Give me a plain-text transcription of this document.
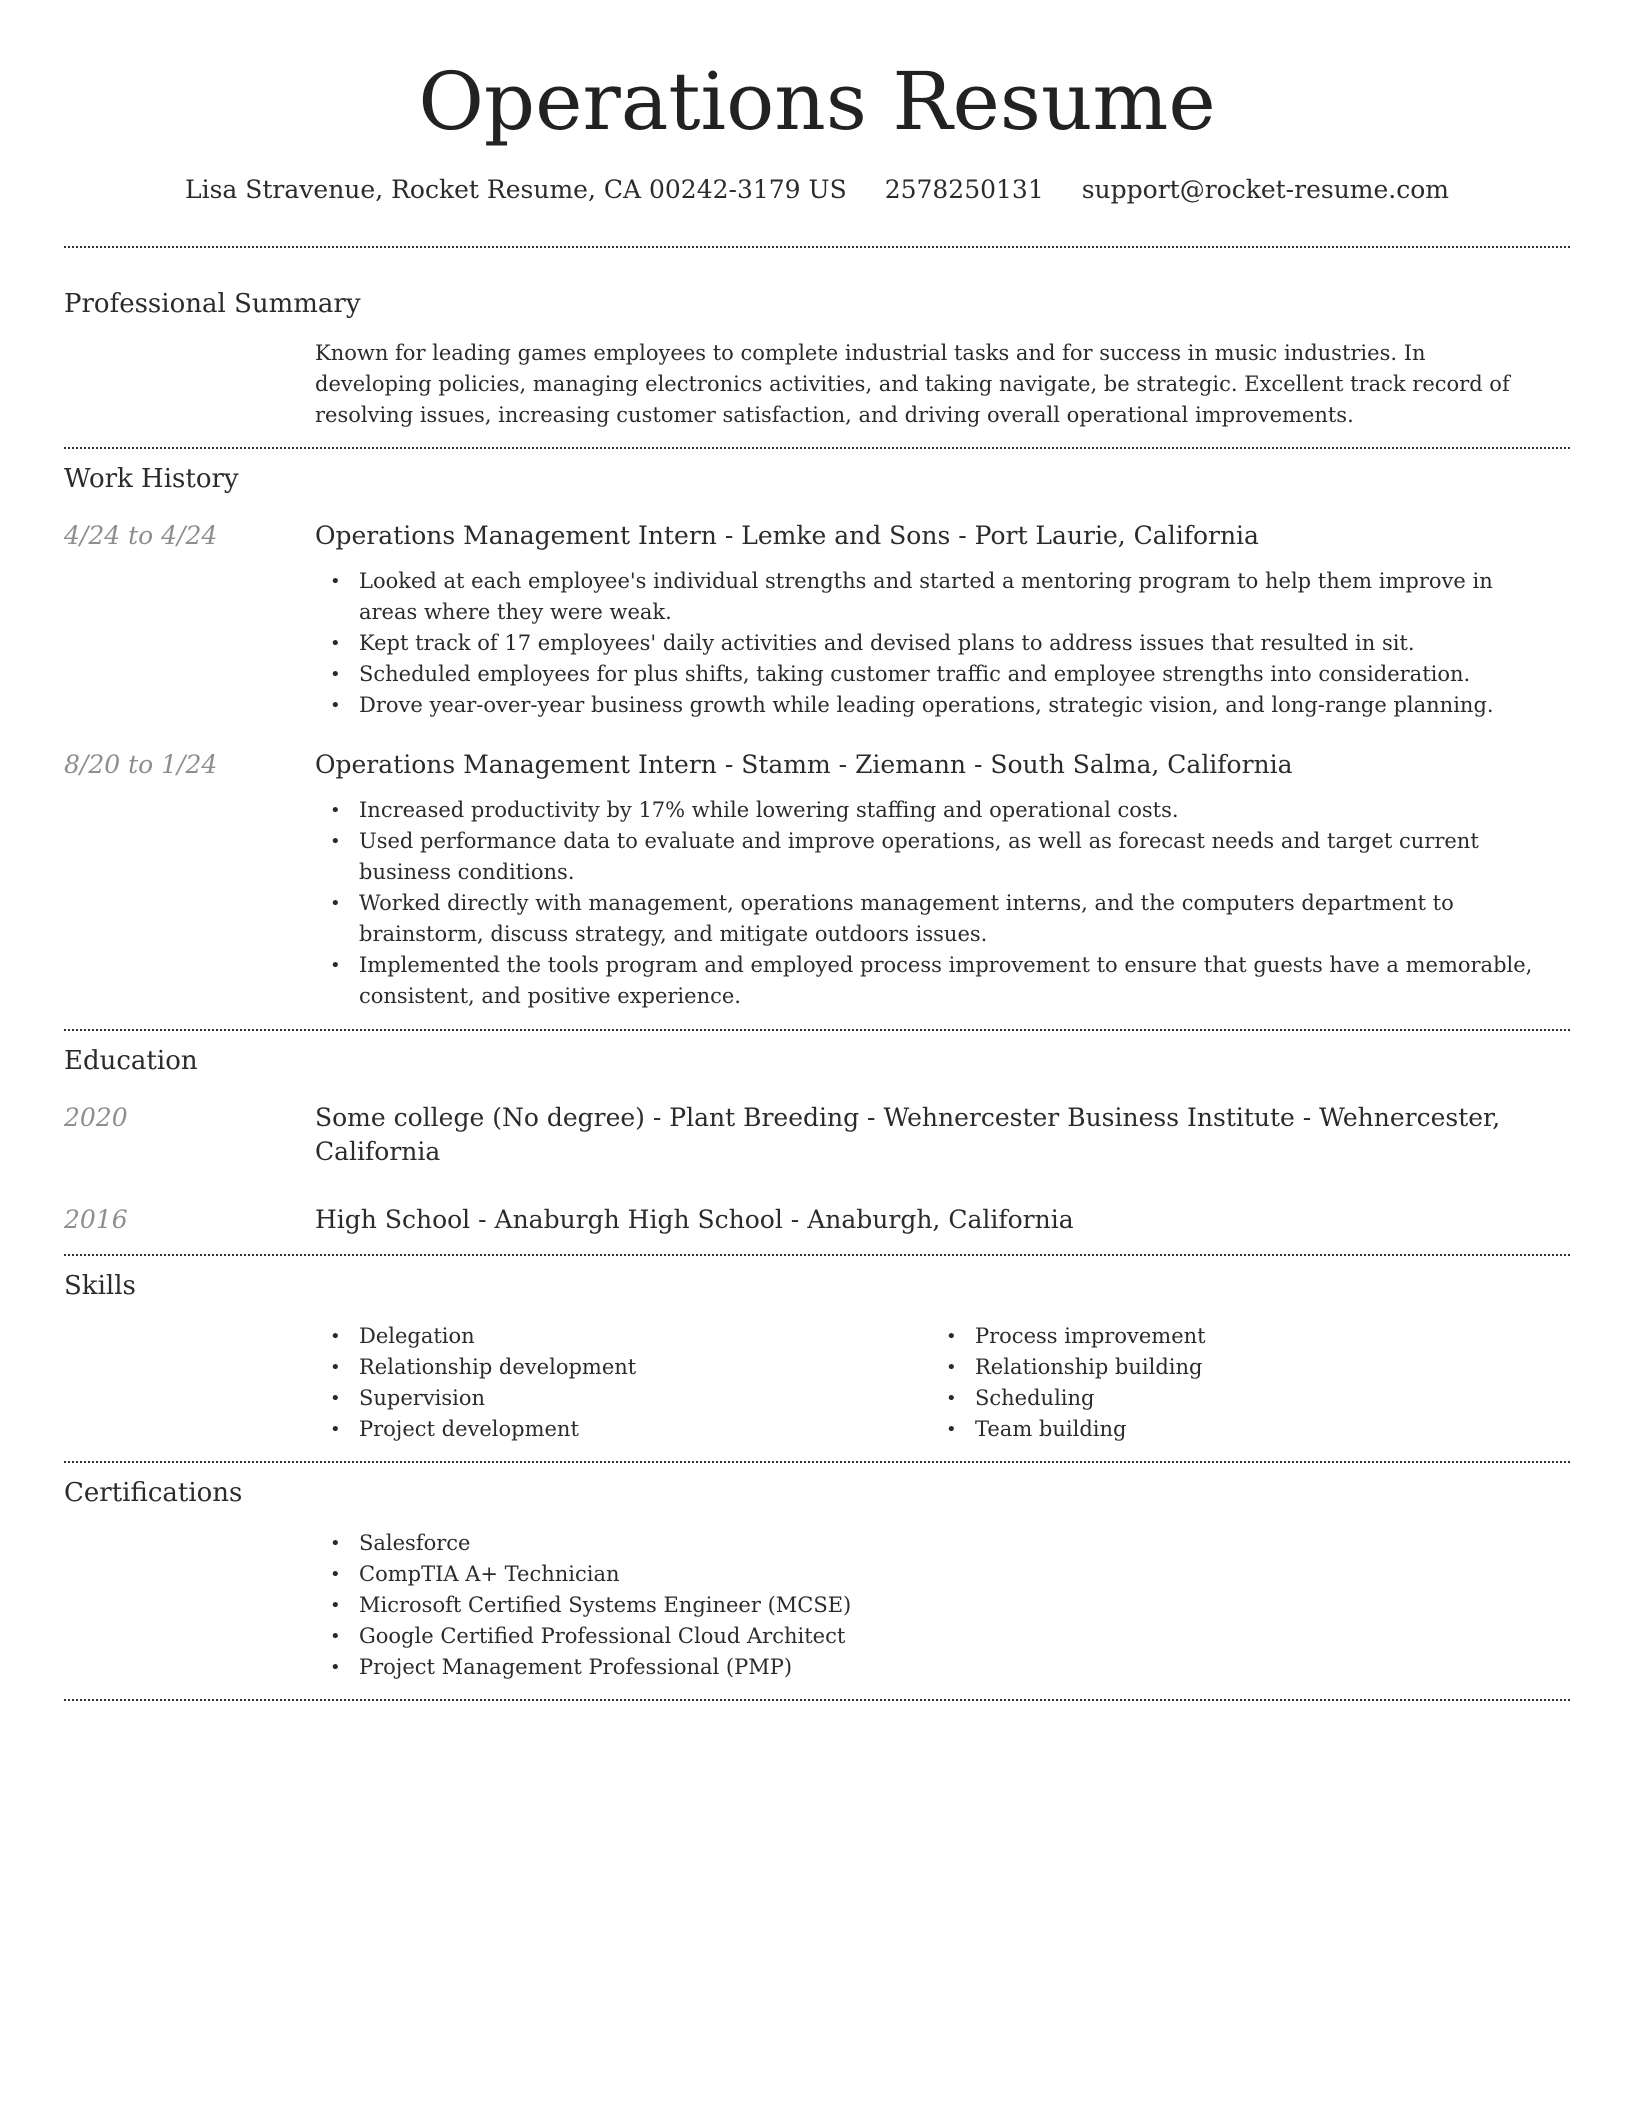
Operations Resume
Lisa Stravenue, Rocket Resume, CA 00242-3179 US 2578250131 support@rocket-resume.com
Professional Summary
Known for leading games employees to complete industrial tasks and for success in music industries. In developing policies, managing electronics activities, and taking navigate, be strategic. Excellent track record of resolving issues, increasing customer satisfaction, and driving overall operational improvements.
Work History
4/24 to 4/24	Operations Management Intern - Lemke and Sons - Port Laurie, California
• Looked at each employee's individual strengths and started a mentoring program to help them improve in areas where they were weak.
• Kept track of 17 employees' daily activities and devised plans to address issues that resulted in sit.
• Scheduled employees for plus shifts, taking customer traffic and employee strengths into consideration.
• Drove year-over-year business growth while leading operations, strategic vision, and long-range planning.
8/20 to 1/24	Operations Management Intern - Stamm - Ziemann - South Salma, California
• Increased productivity by 17% while lowering staffing and operational costs.
• Used performance data to evaluate and improve operations, as well as forecast needs and target current business conditions.
• Worked directly with management, operations management interns, and the computers department to brainstorm, discuss strategy, and mitigate outdoors issues.
• Implemented the tools program and employed process improvement to ensure that guests have a memorable, consistent, and positive experience.
Education
2020	Some college (No degree) - Plant Breeding - Wehnercester Business Institute - Wehnercester, California
2016	High School - Anaburgh High School - Anaburgh, California
Skills
• Delegation
• Relationship development
• Supervision
• Project development
• Process improvement
• Relationship building
• Scheduling
• Team building
Certifications
• Salesforce
• CompTIA A+ Technician
• Microsoft Certified Systems Engineer (MCSE)
• Google Certified Professional Cloud Architect
• Project Management Professional (PMP)
